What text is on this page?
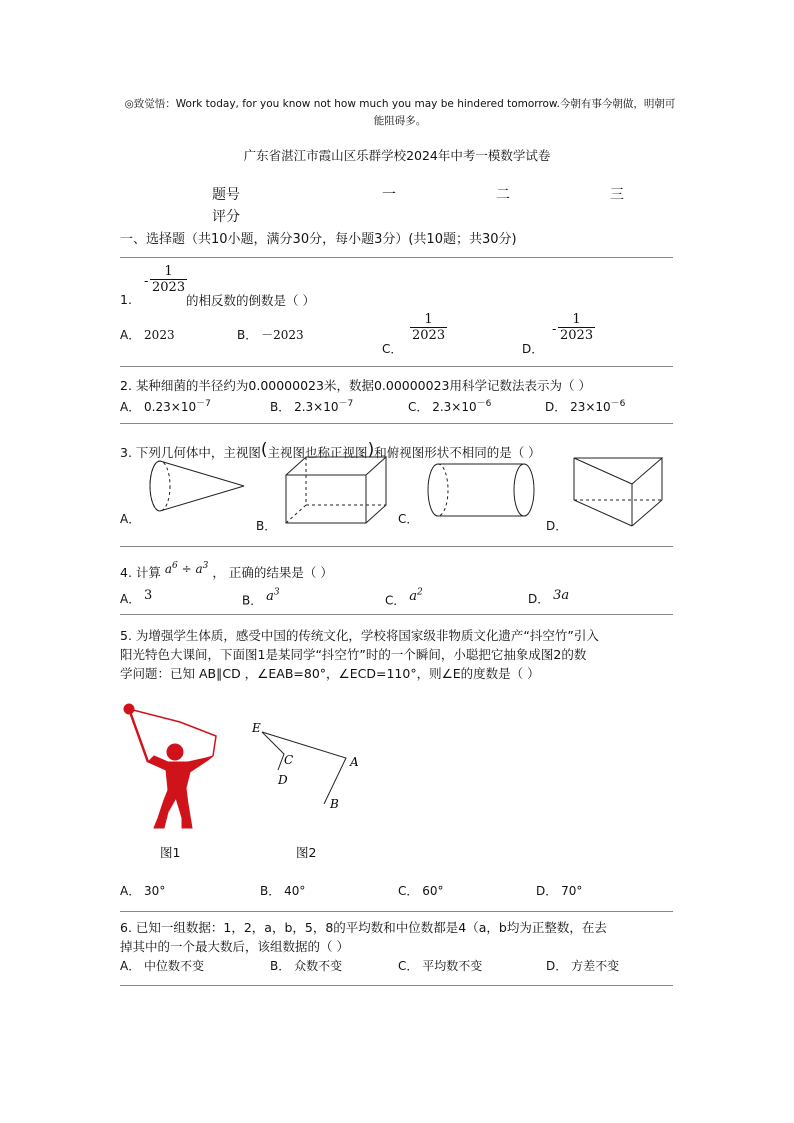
◎致觉悟：Work today, for you know not how much you may be hindered tomorrow.今朝有事今朝做，明朝可能阻碍多。
广东省湛江市霞山区乐群学校2024年中考一模数学试卷
题号	一	二	三
评分
一、选择题（共10小题，满分30分，每小题3分）(共10题；共30分)
- $\frac{1}{2023}$
1.	的相反数的倒数是（ ）
A． 2023	B． －2023
C．
$\frac{1}{2023}$
D．
- $\frac{1}{2023}$
2. 某种细菌的半径约为0.00000023米，数据0.00000023用科学记数法表示为（ ）
A． $0.23\times 10^{-7}$	B． $2.3\times 10^{-7}$	C． $2.3\times 10^{-6}$	D． $23\times 10^{-6}$
3. 下列几何体中，主视图(主视图也称正视图)和俯视图形状不相同的是（ ）
A．	B．	C．	D．
4. 计算 $a^6 \div a^3$ ， 正确的结果是（ ）
A． 3	B． $a^3$
C． $a^2$	D． 3a
5. 为增强学生体质，感受中国的传统文化，学校将国家级非物质文化遗产“抖空竹”引入
阳光特色大课间，下面图1是某同学“抖空竹”时的一个瞬间，小聪把它抽象成图2的数
学问题：已知 AB∥CD ，∠EAB=80°，∠ECD=110°，则∠E的度数是（ ）
图1
E
C
D
A
B
图2
A． 30°	B． 40°	C． 60°	D． 70°
6. 已知一组数据：1，2，a，b，5，8的平均数和中位数都是4（a，b均为正整数，在去
掉其中的一个最大数后，该组数据的（ ）
A． 中位数不变	B． 众数不变	C． 平均数不变	D． 方差不变
